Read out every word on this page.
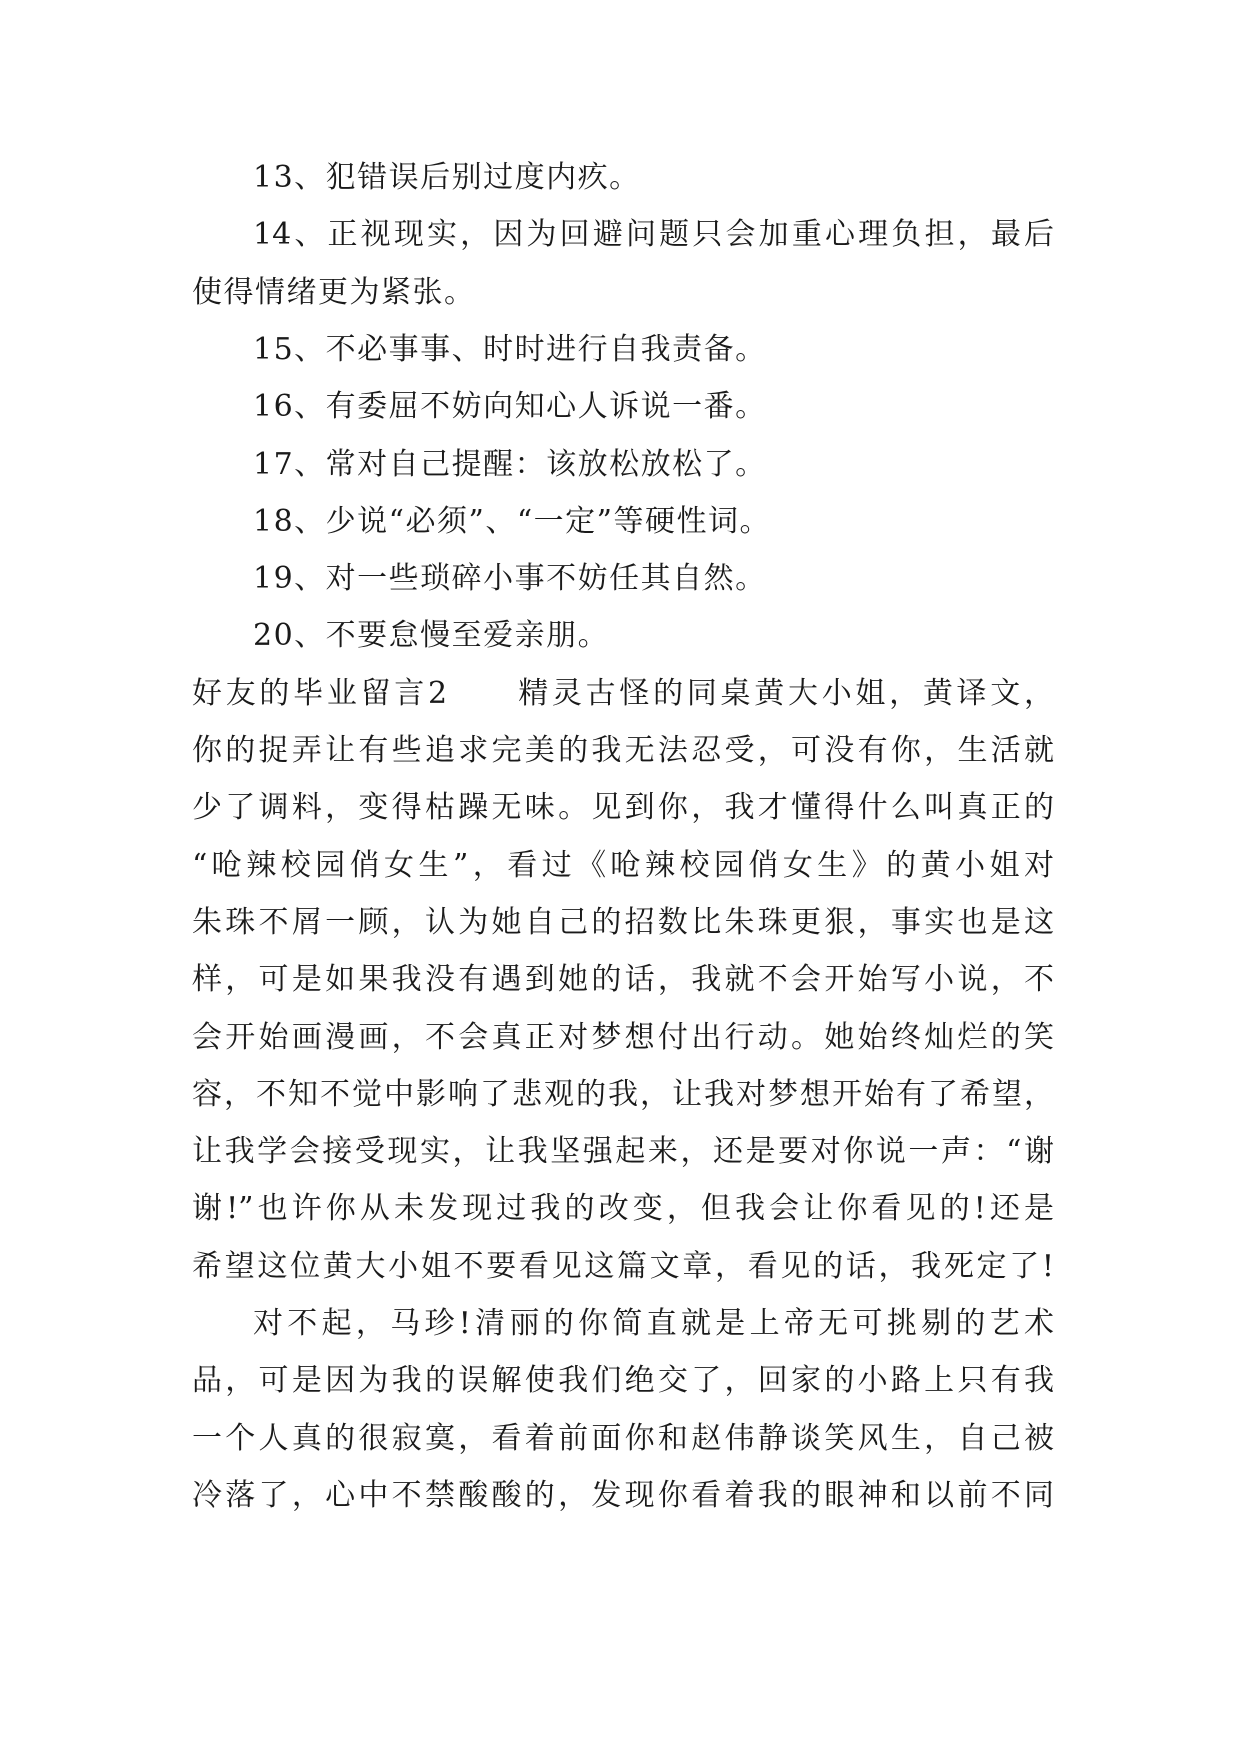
13、犯错误后别过度内疚。
14、正视现实，因为回避问题只会加重心理负担，最后
使得情绪更为紧张。
15、不必事事、时时进行自我责备。
16、有委屈不妨向知心人诉说一番。
17、常对自己提醒：该放松放松了。
18、少说“必须”、“一定”等硬性词。
19、对一些琐碎小事不妨任其自然。
20、不要怠慢至爱亲朋。
好友的毕业留言2　　精灵古怪的同桌黄大小姐，黄译文，
你的捉弄让有些追求完美的我无法忍受，可没有你，生活就
少了调料，变得枯躁无味。见到你，我才懂得什么叫真正的
“呛辣校园俏女生”，看过《呛辣校园俏女生》的黄小姐对
朱珠不屑一顾，认为她自己的招数比朱珠更狠，事实也是这
样，可是如果我没有遇到她的话，我就不会开始写小说，不
会开始画漫画，不会真正对梦想付出行动。她始终灿烂的笑
容，不知不觉中影响了悲观的我，让我对梦想开始有了希望，
让我学会接受现实，让我坚强起来，还是要对你说一声：“谢
谢!”也许你从未发现过我的改变，但我会让你看见的!还是
希望这位黄大小姐不要看见这篇文章，看见的话，我死定了!
对不起，马珍!清丽的你简直就是上帝无可挑剔的艺术
品，可是因为我的误解使我们绝交了，回家的小路上只有我
一个人真的很寂寞，看着前面你和赵伟静谈笑风生，自己被
冷落了，心中不禁酸酸的，发现你看着我的眼神和以前不同
